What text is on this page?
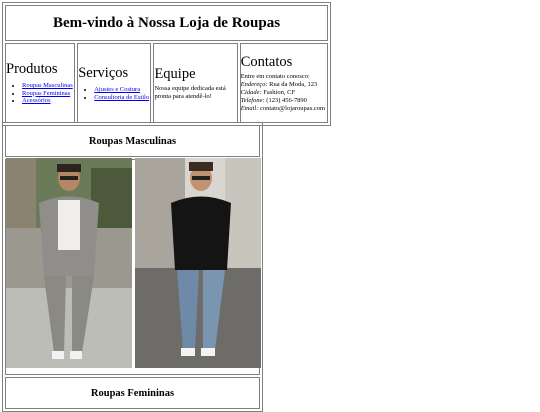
Bem-vindo à Nossa Loja de Roupas

Produtos
• Roupas Masculinas
• Roupas Femininas
• Acessórios

Serviços
• Ajustes e Costura
• Consultoria de Estilo

Equipe
Nossa equipe dedicada está pronta para atendê-lo!

Contatos
Entre em contato conosco:
Endereço: Rua da Moda, 123
Cidade: Fashion, CF
Telefone: (123) 456-7890
Email: contato@lojaroupas.com
Roupas Masculinas

Roupas Femininas
